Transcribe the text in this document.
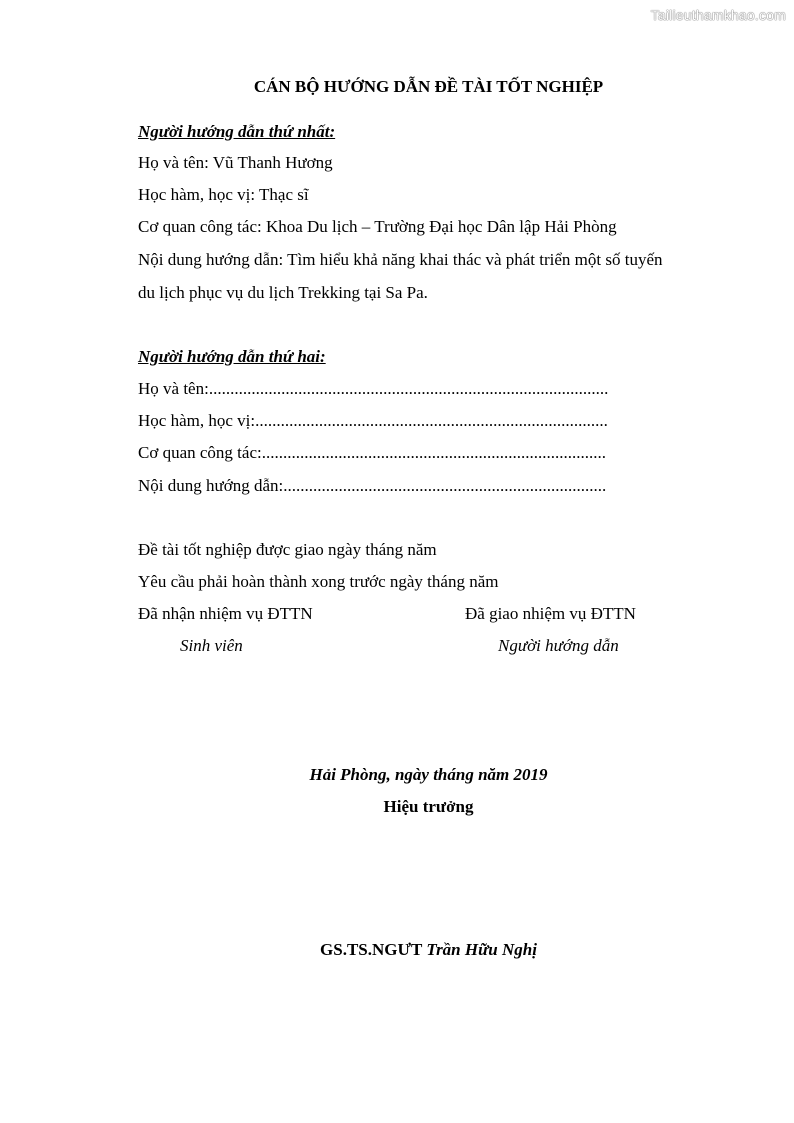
Tailieuthamkhao.com
CÁN BỘ HƯỚNG DẪN ĐỀ TÀI TỐT NGHIỆP
Người hướng dẫn thứ nhất:
Họ và tên: Vũ Thanh Hương
Học hàm, học vị: Thạc sĩ
Cơ quan công tác: Khoa Du lịch – Trường Đại học Dân lập Hải Phòng
Nội dung hướng dẫn: Tìm hiểu khả năng khai thác và phát triển một số tuyến
du lịch phục vụ du lịch Trekking tại Sa Pa.
Người hướng dẫn thứ hai:
Họ và tên:..............................................................................................
Học hàm, học vị:...................................................................................
Cơ quan công tác:.................................................................................
Nội dung hướng dẫn:............................................................................
Đề tài tốt nghiệp được giao ngày tháng năm
Yêu cầu phải hoàn thành xong trước ngày tháng năm
Đã nhận nhiệm vụ ĐTTN	Đã giao nhiệm vụ ĐTTN
Sinh viên	Người hướng dẫn
Hải Phòng, ngày tháng năm 2019
Hiệu trưởng
GS.TS.NGƯT Trần Hữu Nghị
